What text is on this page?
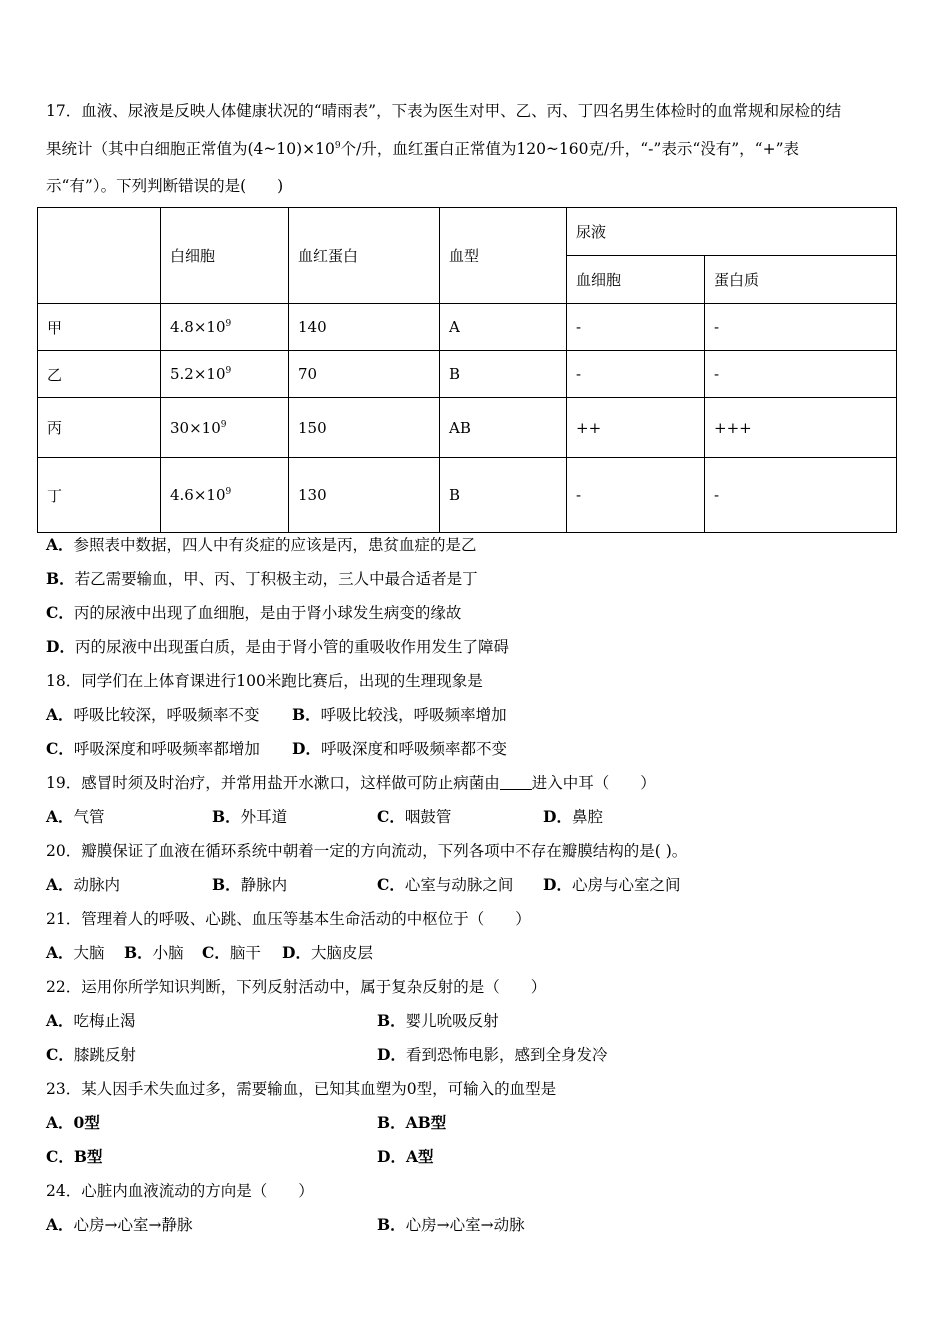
17．血液、尿液是反映人体健康状况的“晴雨表”，下表为医生对甲、乙、丙、丁四名男生体检时的血常规和尿检的结
果统计（其中白细胞正常值为$(4\sim 10)\times 10^9$个/升，血红蛋白正常值为120~160克/升，“-”表示“没有”，“+”表
示“有”）。下列判断错误的是(　　)
	白细胞	血红蛋白	血型	尿液	
				血细胞	蛋白质
甲	$4.8\times 10^9$	140	A	-	-
乙	$5.2\times 10^9$	70	B	-	-
丙	$30\times 10^9$	150	AB	++	+++
丁	$4.6\times 10^9$	130	B	-	-
A．参照表中数据，四人中有炎症的应该是丙，患贫血症的是乙
B．若乙需要输血，甲、丙、丁积极主动，三人中最合适者是丁
C．丙的尿液中出现了血细胞，是由于肾小球发生病变的缘故
D．丙的尿液中出现蛋白质，是由于肾小管的重吸收作用发生了障碍
18．同学们在上体育课进行100米跑比赛后，出现的生理现象是
A．呼吸比较深，呼吸频率不变 B．呼吸比较浅，呼吸频率增加
C．呼吸深度和呼吸频率都增加 D．呼吸深度和呼吸频率都不变
19．感冒时须及时治疗，并常用盐开水漱口，这样做可防止病菌由 进入中耳（　　）
A．气管	B．外耳道	C．咽鼓管	D．鼻腔
20．瓣膜保证了血液在循环系统中朝着一定的方向流动，下列各项中不存在瓣膜结构的是( )。
A．动脉内	B．静脉内	C．心室与动脉之间 D．心房与心室之间
21．管理着人的呼吸、心跳、血压等基本生命活动的中枢位于（　　）
A．大脑 B．小脑 C．脑干 D．大脑皮层
22．运用你所学知识判断，下列反射活动中，属于复杂反射的是（　　）
A．吃梅止渴	B．婴儿吮吸反射
C．膝跳反射	D．看到恐怖电影，感到全身发冷
23．某人因手术失血过多，需要输血，已知其血塑为0型，可输入的血型是
A．0型	B．AB型
C．B型	D．A型
24．心脏内血液流动的方向是（　　）
A．心房→心室→静脉	B．心房→心室→动脉
